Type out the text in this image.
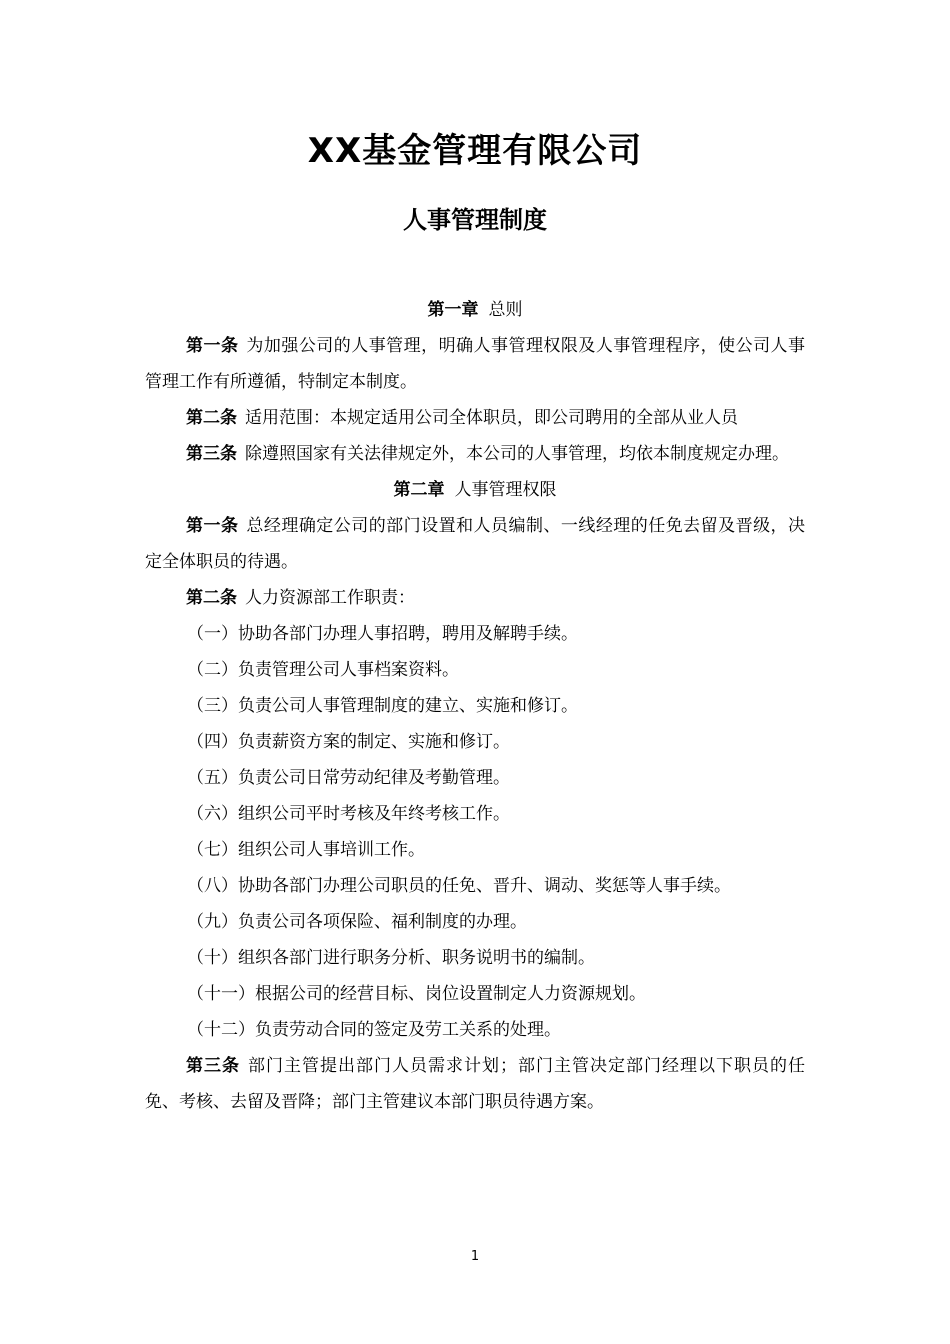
XX基金管理有限公司
人事管理制度
第一章 总则
第一条 为加强公司的人事管理，明确人事管理权限及人事管理程序，使公司人事管理工作有所遵循，特制定本制度。
第二条 适用范围：本规定适用公司全体职员，即公司聘用的全部从业人员
第三条 除遵照国家有关法律规定外，本公司的人事管理，均依本制度规定办理。
第二章 人事管理权限
第一条 总经理确定公司的部门设置和人员编制、一线经理的任免去留及晋级，决定全体职员的待遇。
第二条 人力资源部工作职责：
（一）协助各部门办理人事招聘，聘用及解聘手续。
（二）负责管理公司人事档案资料。
（三）负责公司人事管理制度的建立、实施和修订。
（四）负责薪资方案的制定、实施和修订。
（五）负责公司日常劳动纪律及考勤管理。
（六）组织公司平时考核及年终考核工作。
（七）组织公司人事培训工作。
（八）协助各部门办理公司职员的任免、晋升、调动、奖惩等人事手续。
（九）负责公司各项保险、福利制度的办理。
（十）组织各部门进行职务分析、职务说明书的编制。
（十一）根据公司的经营目标、岗位设置制定人力资源规划。
（十二）负责劳动合同的签定及劳工关系的处理。
第三条 部门主管提出部门人员需求计划；部门主管决定部门经理以下职员的任免、考核、去留及晋降；部门主管建议本部门职员待遇方案。
1
